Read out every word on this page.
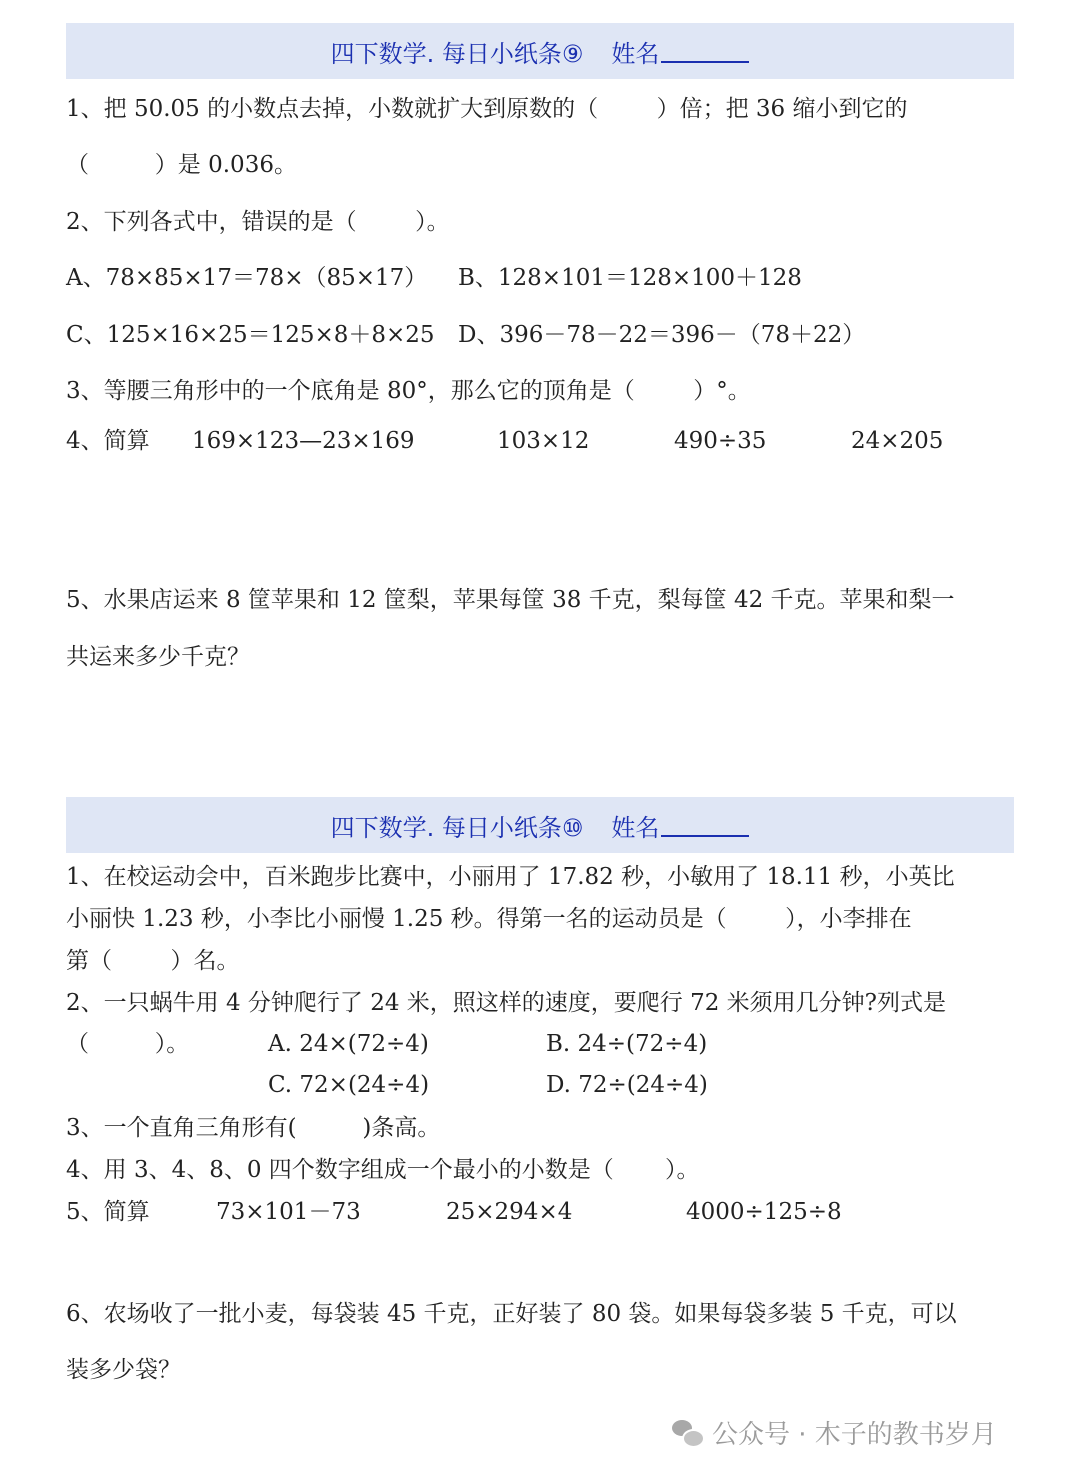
四下数学. 每日小纸条⑨ 姓名
1、把 50.05 的小数点去掉，小数就扩大到原数的（        ）倍；把 36 缩小到它的
（         ）是 0.036。
2、下列各式中，错误的是（        ）。
A、78×85×17＝78×（85×17） B、128×101＝128×100＋128
C、125×16×25＝125×8＋8×25 D、396－78－22＝396－（78＋22）
3、等腰三角形中的一个底角是 80°，那么它的顶角是（        ）°。
4、简算 169×123—23×169	103×12	490÷35	24×205
5、水果店运来 8 筐苹果和 12 筐梨，苹果每筐 38 千克，梨每筐 42 千克。苹果和梨一
共运来多少千克？
四下数学. 每日小纸条⑩ 姓名
1、在校运动会中，百米跑步比赛中，小丽用了 17.82 秒，小敏用了 18.11 秒，小英比
小丽快 1.23 秒，小李比小丽慢 1.25 秒。得第一名的运动员是（        ），小李排在
第（        ）名。
2、一只蜗牛用 4 分钟爬行了 24 米，照这样的速度，要爬行 72 米须用几分钟?列式是
（         ）。	A. 24×(72÷4)	B. 24÷(72÷4)
C. 72×(24÷4)	D. 72÷(24÷4)
3、一个直角三角形有(         )条高。
4、用 3、4、8、0 四个数字组成一个最小的小数是（       ）。
5、简算	73×101－73	25×294×4	4000÷125÷8
6、农场收了一批小麦，每袋装 45 千克，正好装了 80 袋。如果每袋多装 5 千克，可以
装多少袋？
公众号 · 木子的教书岁月
